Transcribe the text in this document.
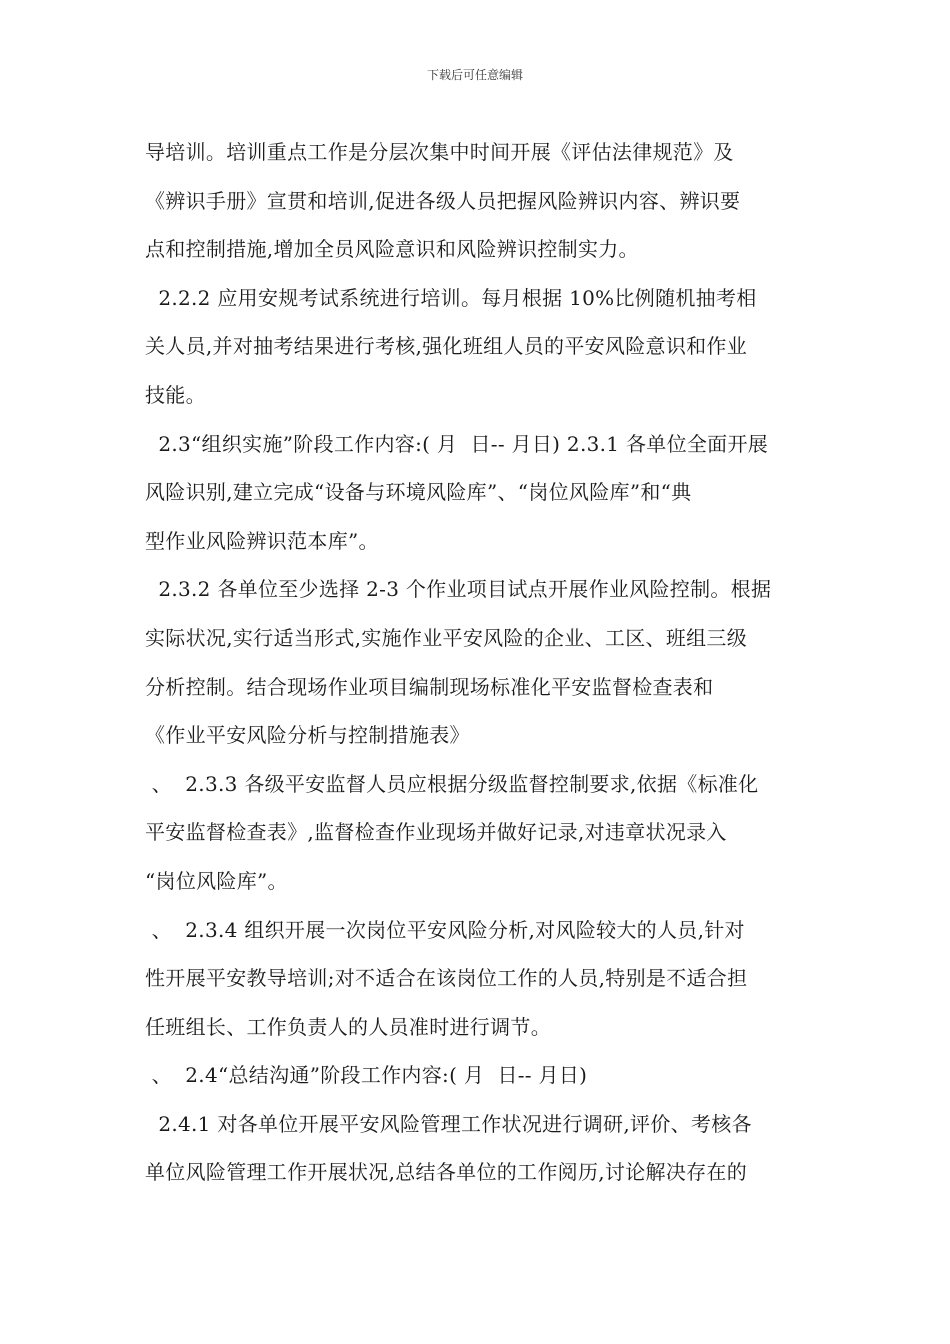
下载后可任意编辑
导培训。培训重点工作是分层次集中时间开展《评估法律规范》及
《辨识手册》宣贯和培训,促进各级人员把握风险辨识内容、辨识要
点和控制措施,增加全员风险意识和风险辨识控制实力。
2.2.2 应用安规考试系统进行培训。每月根据 10%比例随机抽考相
关人员,并对抽考结果进行考核,强化班组人员的平安风险意识和作业
技能。
2.3“组织实施”阶段工作内容:( 月  日-- 月日) 2.3.1 各单位全面开展
风险识别,建立完成“设备与环境风险库”、“岗位风险库”和“典
型作业风险辨识范本库”。
2.3.2 各单位至少选择 2-3 个作业项目试点开展作业风险控制。根据
实际状况,实行适当形式,实施作业平安风险的企业、工区、班组三级
分析控制。结合现场作业项目编制现场标准化平安监督检查表和
《作业平安风险分析与控制措施表》
、  2.3.3 各级平安监督人员应根据分级监督控制要求,依据《标准化
平安监督检查表》,监督检查作业现场并做好记录,对违章状况录入
“岗位风险库”。
、  2.3.4 组织开展一次岗位平安风险分析,对风险较大的人员,针对
性开展平安教导培训;对不适合在该岗位工作的人员,特别是不适合担
任班组长、工作负责人的人员准时进行调节。
、  2.4“总结沟通”阶段工作内容:( 月  日-- 月日)
2.4.1 对各单位开展平安风险管理工作状况进行调研,评价、考核各
单位风险管理工作开展状况,总结各单位的工作阅历,讨论解决存在的
